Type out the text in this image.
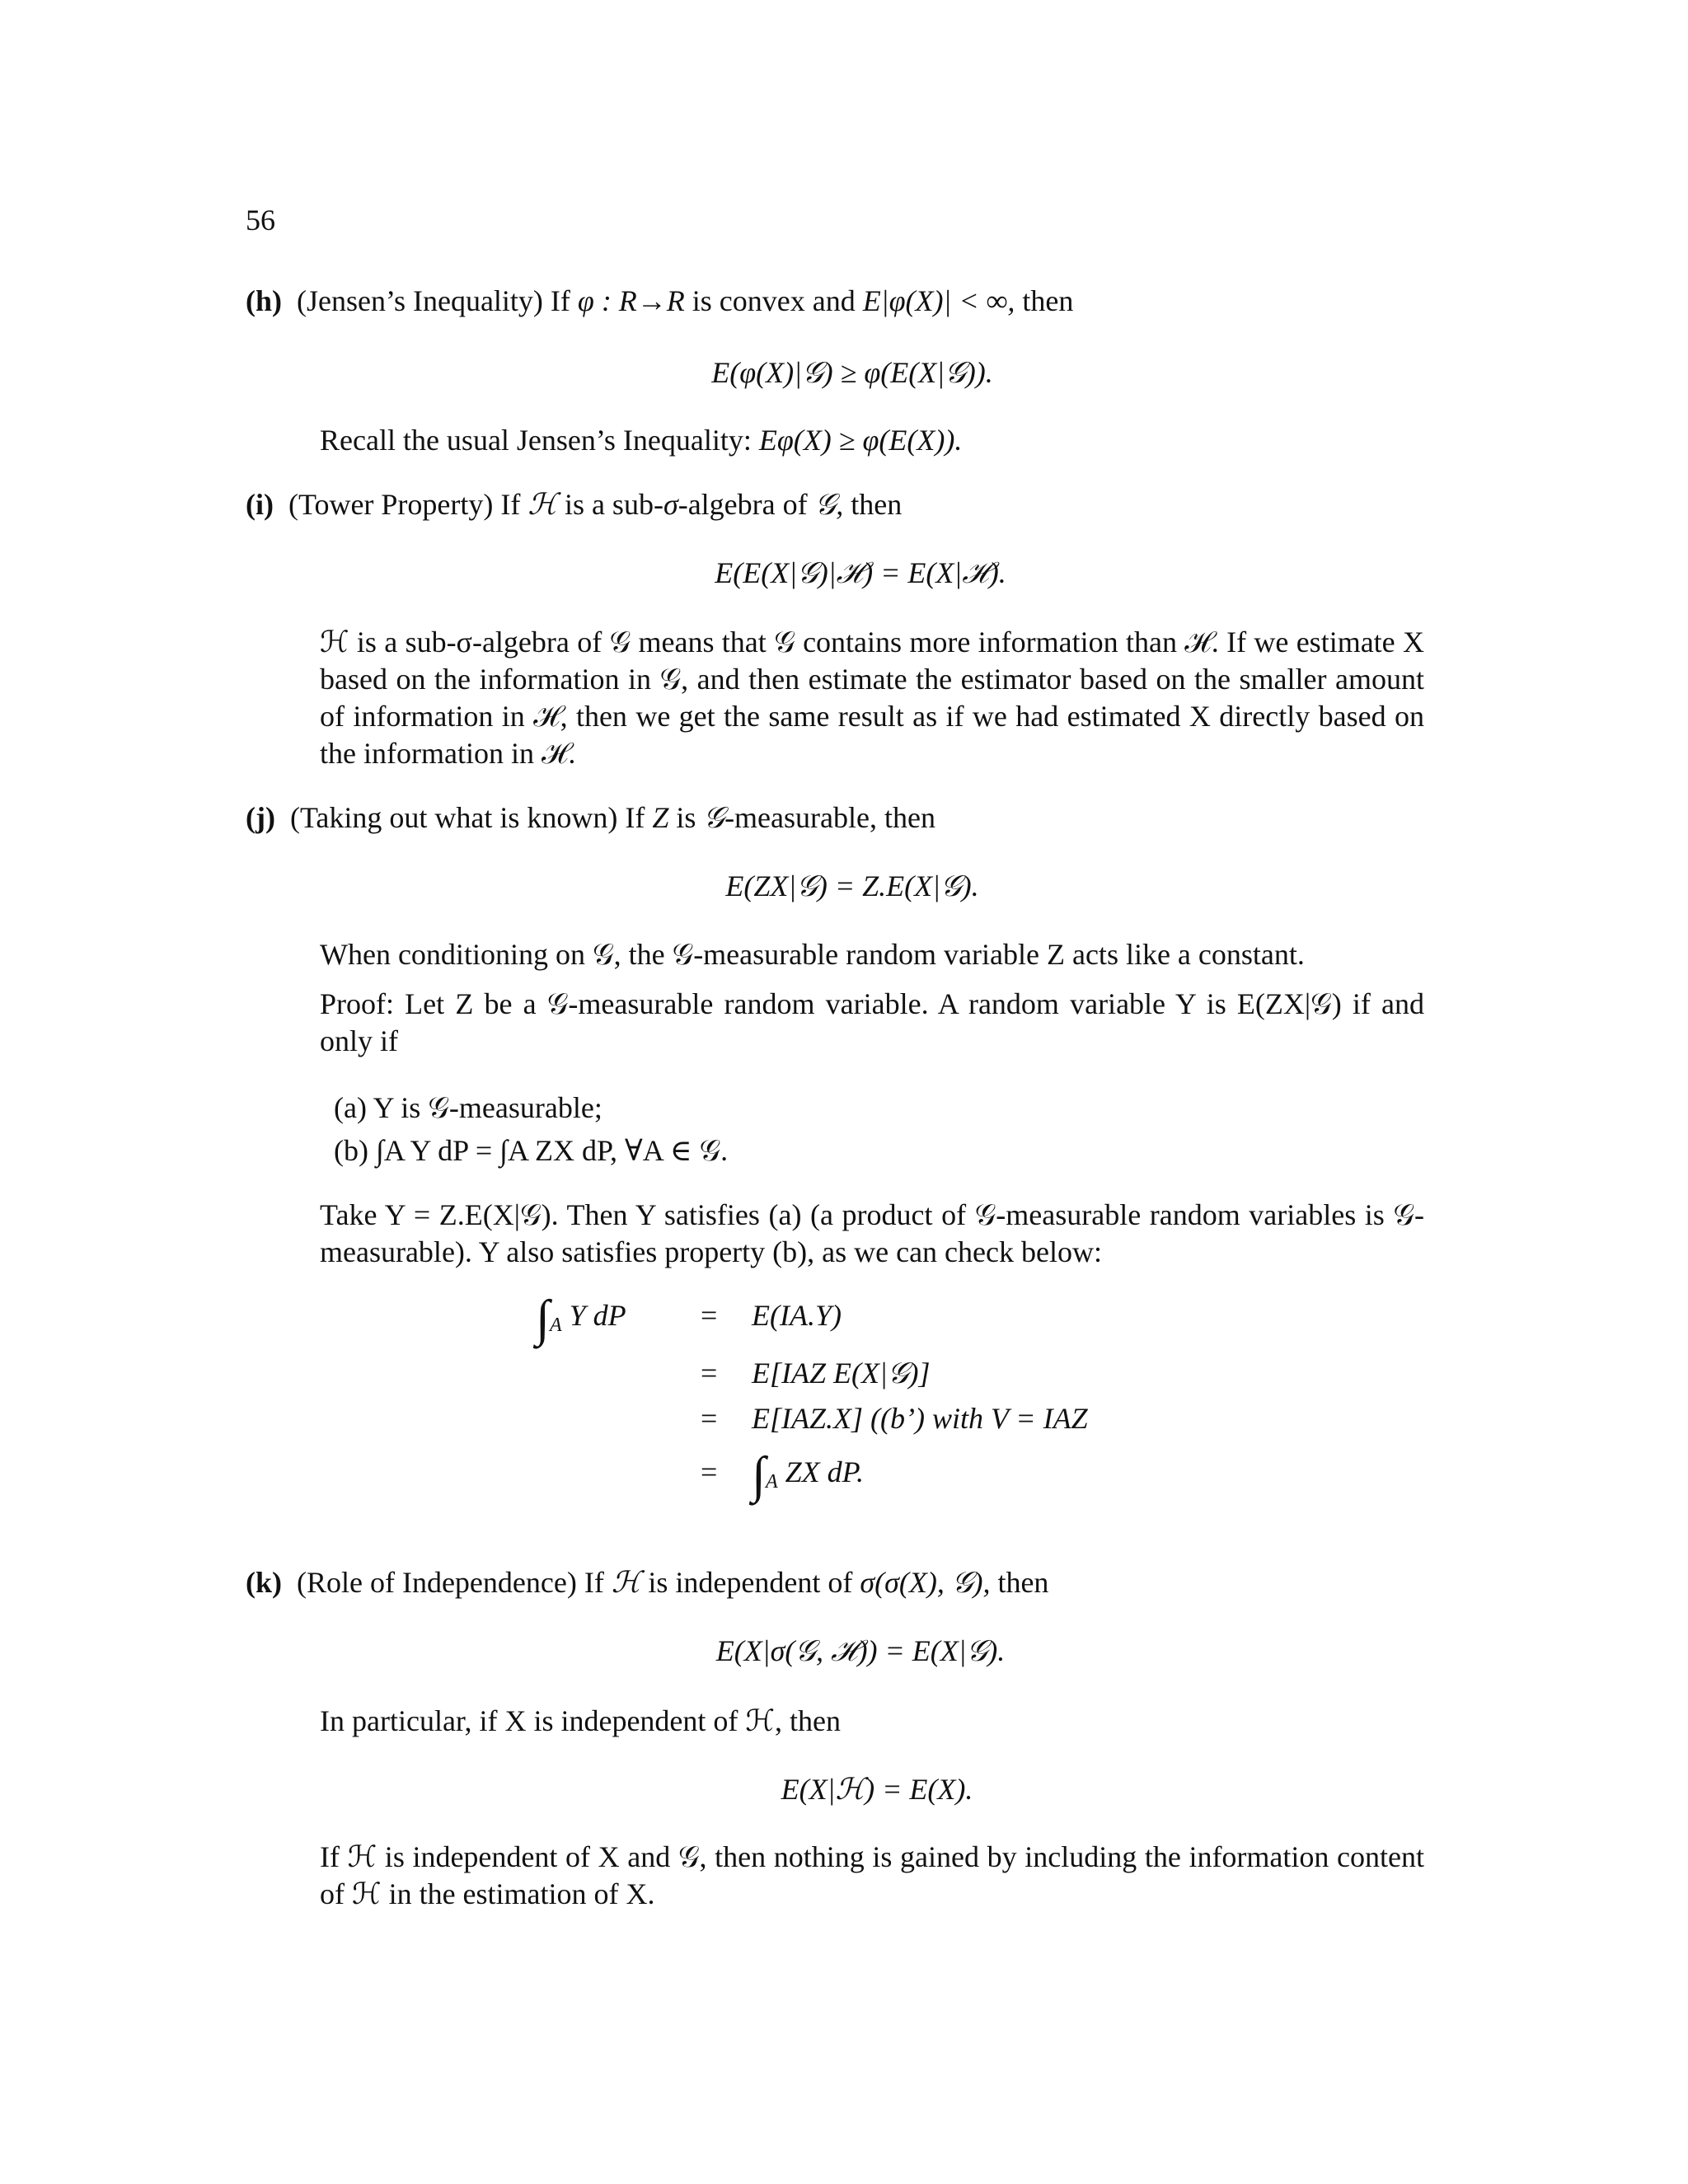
56
(h) (Jensen’s Inequality) If φ : R→R is convex and E|φ(X)| < ∞, then
E(φ(X)|𝒢) ≥ φ(E(X|𝒢)).
Recall the usual Jensen’s Inequality: Eφ(X) ≥ φ(E(X)).
(i) (Tower Property) If ℋ is a sub-σ-algebra of 𝒢, then
E(E(X|𝒢)|ℋ) = E(X|ℋ).
ℋ is a sub-σ-algebra of 𝒢 means that 𝒢 contains more information than ℋ. If we estimate X based on the information in 𝒢, and then estimate the estimator based on the smaller amount of information in ℋ, then we get the same result as if we had estimated X directly based on the information in ℋ.
(j) (Taking out what is known) If Z is 𝒢-measurable, then
E(ZX|𝒢) = Z.E(X|𝒢).
When conditioning on 𝒢, the 𝒢-measurable random variable Z acts like a constant.
Proof: Let Z be a 𝒢-measurable random variable. A random variable Y is E(ZX|𝒢) if and only if
(a) Y is 𝒢-measurable;
(b) ∫A Y dP = ∫A ZX dP, ∀A ∈ 𝒢.
Take Y = Z.E(X|𝒢). Then Y satisfies (a) (a product of 𝒢-measurable random variables is 𝒢-measurable). Y also satisfies property (b), as we can check below:
$\int_A$ Y dP	= E(IA.Y)
= E[IAZ E(X|𝒢)]
= E[IAZ.X] ((b’) with V = IAZ
= $\int_A$ ZX dP.
(k) (Role of Independence) If ℋ is independent of σ(σ(X), 𝒢), then
E(X|σ(𝒢, ℋ)) = E(X|𝒢).
In particular, if X is independent of ℋ, then
E(X|ℋ) = E(X).
If ℋ is independent of X and 𝒢, then nothing is gained by including the information content of ℋ in the estimation of X.
